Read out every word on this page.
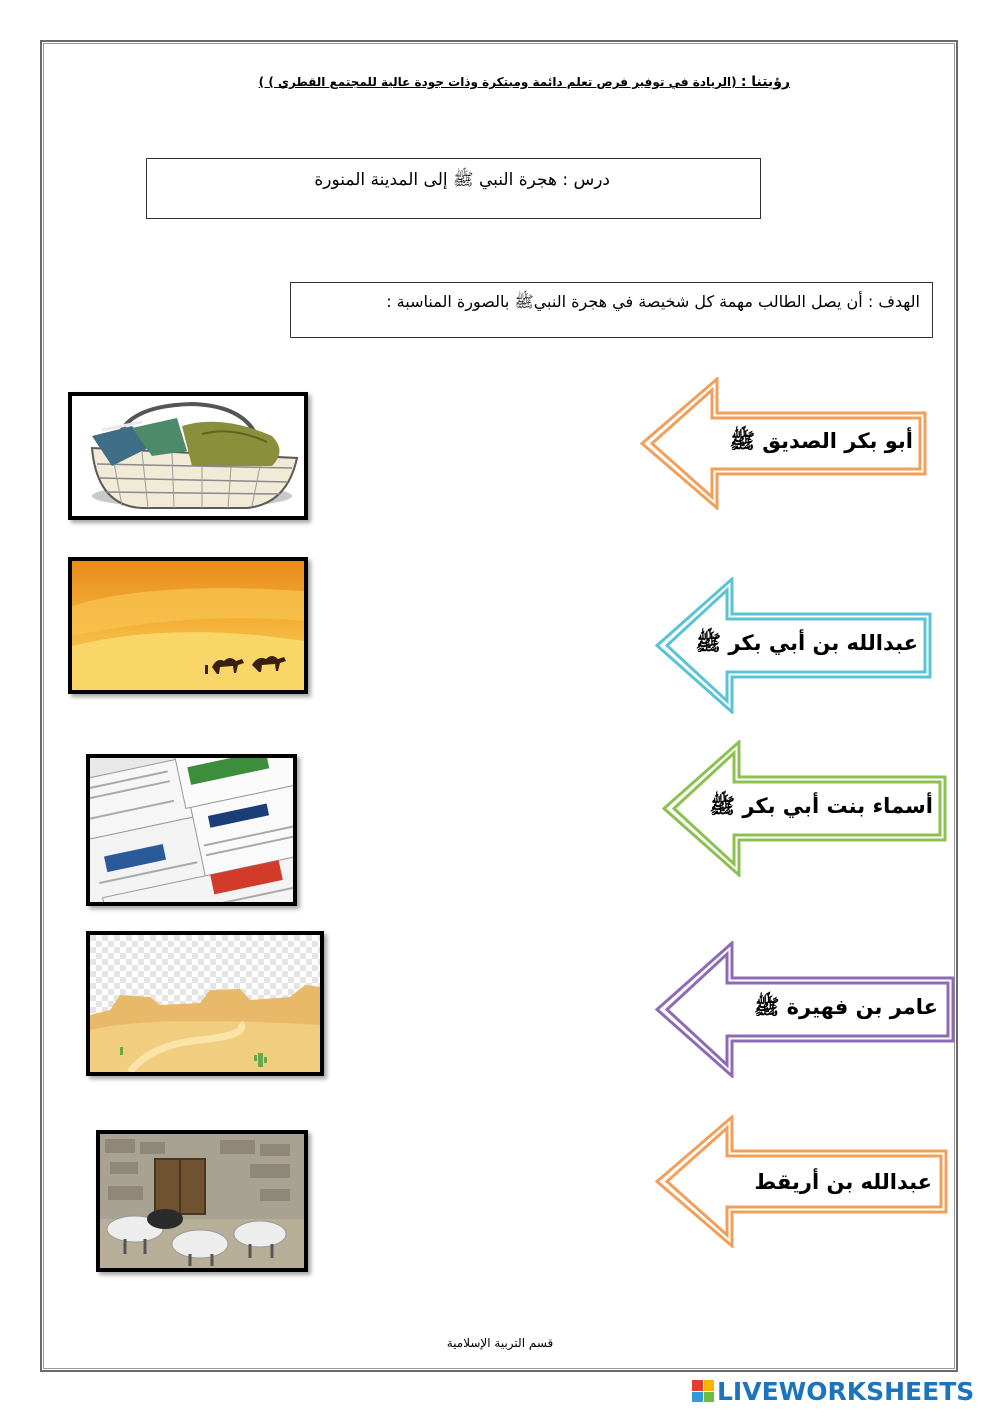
رؤيتنا : (الريادة في توفير فرص تعلم دائمة ومبتكرة وذات جودة عالية للمجتمع القطري ) )
درس : هجرة النبي ﷺ إلى المدينة المنورة
الهدف : أن يصل الطالب مهمة كل شخيصة في هجرة النبيﷺ بالصورة المناسبة :
أبو بكر الصديق ﷺ
عبدالله بن أبي بكر ﷺ
أسماء بنت أبي بكر ﷺ
عامر بن فهيرة ﷺ
عبدالله بن أريقط
قسم التربية الإسلامية
LIVEWORKSHEETS
